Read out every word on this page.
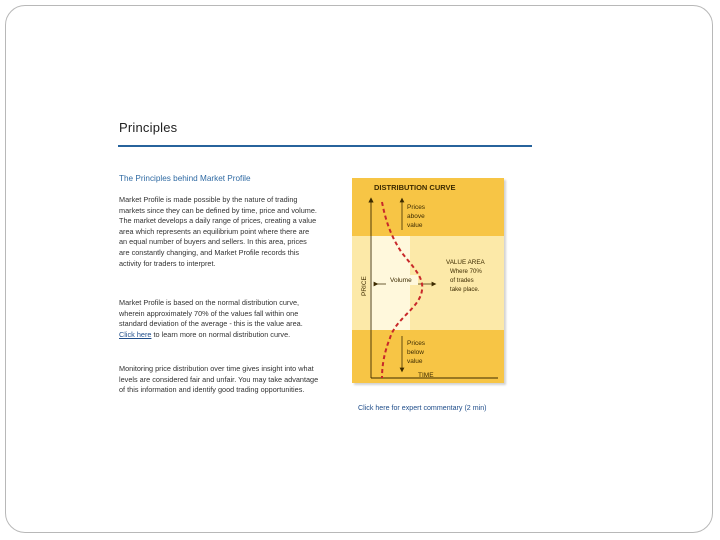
Principles
The Principles behind Market Profile

Market Profile is made possible by the nature of trading markets since they can be defined by time, price and volume. The market develops a daily range of prices, creating a value area which represents an equilibrium point where there are an equal number of buyers and sellers. In this area, prices are constantly changing, and Market Profile records this activity for traders to interpret.

Market Profile is based on the normal distribution curve, wherein approximately 70% of the values fall within one standard deviation of the average - this is the value area. Click here to learn more on normal distribution curve.

Monitoring price distribution over time gives insight into what levels are considered fair and unfair. You may take advantage of this information and identify good trading opportunities.

DISTRIBUTION CURVE
PRICE
TIME
Prices above value
Volume
VALUE AREA
Where 70% of trades take place.
Prices below value
Click here for expert commentary (2 min)
